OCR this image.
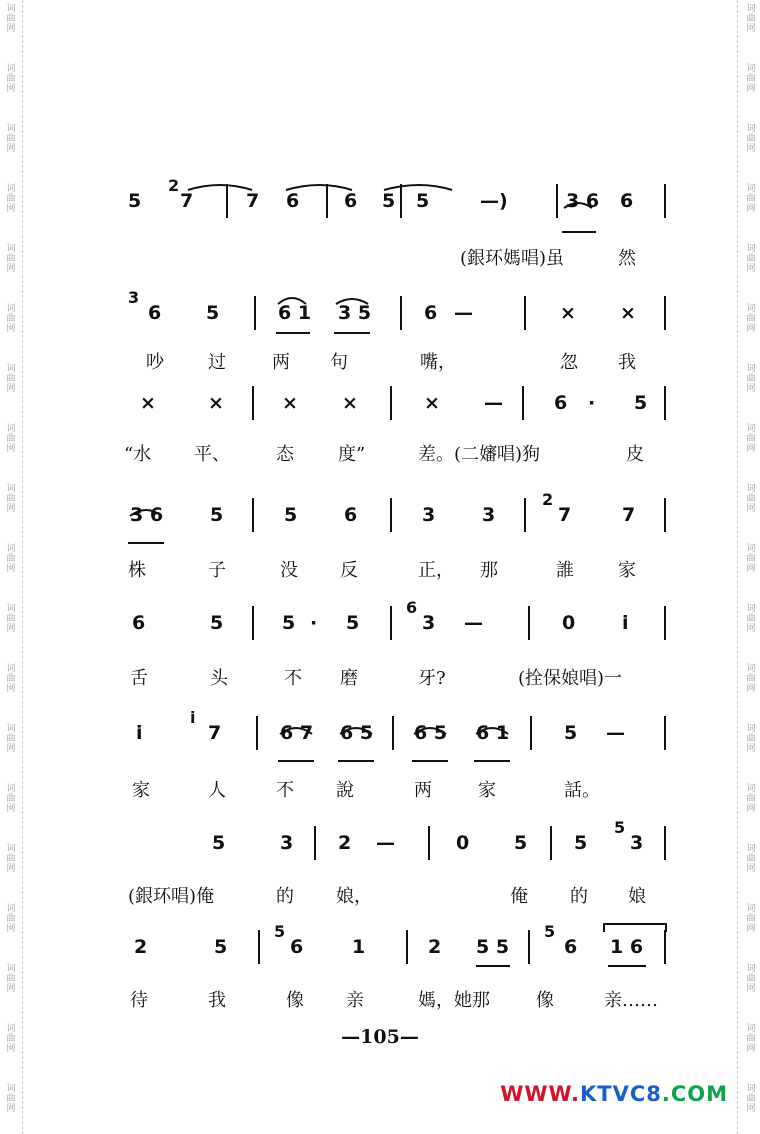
词
曲
网
词
曲
网
词
曲
网
词
曲
网
词
曲
网
词
曲
网
词
曲
网
词
曲
网
词
曲
网
词
曲
网
词
曲
网
词
曲
网
词
曲
网
词
曲
网
词
曲
网
词
曲
网
词
曲
网
词
曲
网
词
曲
网
词
曲
网
词
曲
网
词
曲
网
词
曲
网
词
曲
网
词
曲
网
词
曲
网
词
曲
网
词
曲
网
词
曲
网
词
曲
网
词
曲
网
词
曲
网
词
曲
网
词
曲
网
词
曲
网
词
曲
网
词
曲
网
词
曲
网
5
2
7	7 6 6 5 5	—)	3 6 6
(銀环媽唱)虽	然
3
6 5	6 1 3 5	6 —	× ×
吵 过	两 句	嘴，	忽 我
×	×	× ×	× —	6 · 5
“水 平、	态 度”	差。(二嬸唱)狗	皮
3 6 5	5 6	3 3
2
7	7
株	子	没 反	正， 那	誰 家
6	5	5 · 5
6
3 —	0 i
舌	头	不 磨	牙?	(拴保娘唱)一
i
i
7	6 7 6 5 6 5 6 1	5 —
家	人	不 說	两	家	話。
5	3 2 —	0 5 5
5
3
(銀环唱)俺	的 娘，	俺 的 娘
2	5
5
6	1	2 5 5
5
6 1 6
待	我	像 亲	媽，她那	像	亲……
—105—
WWW.KTVC8.COM
